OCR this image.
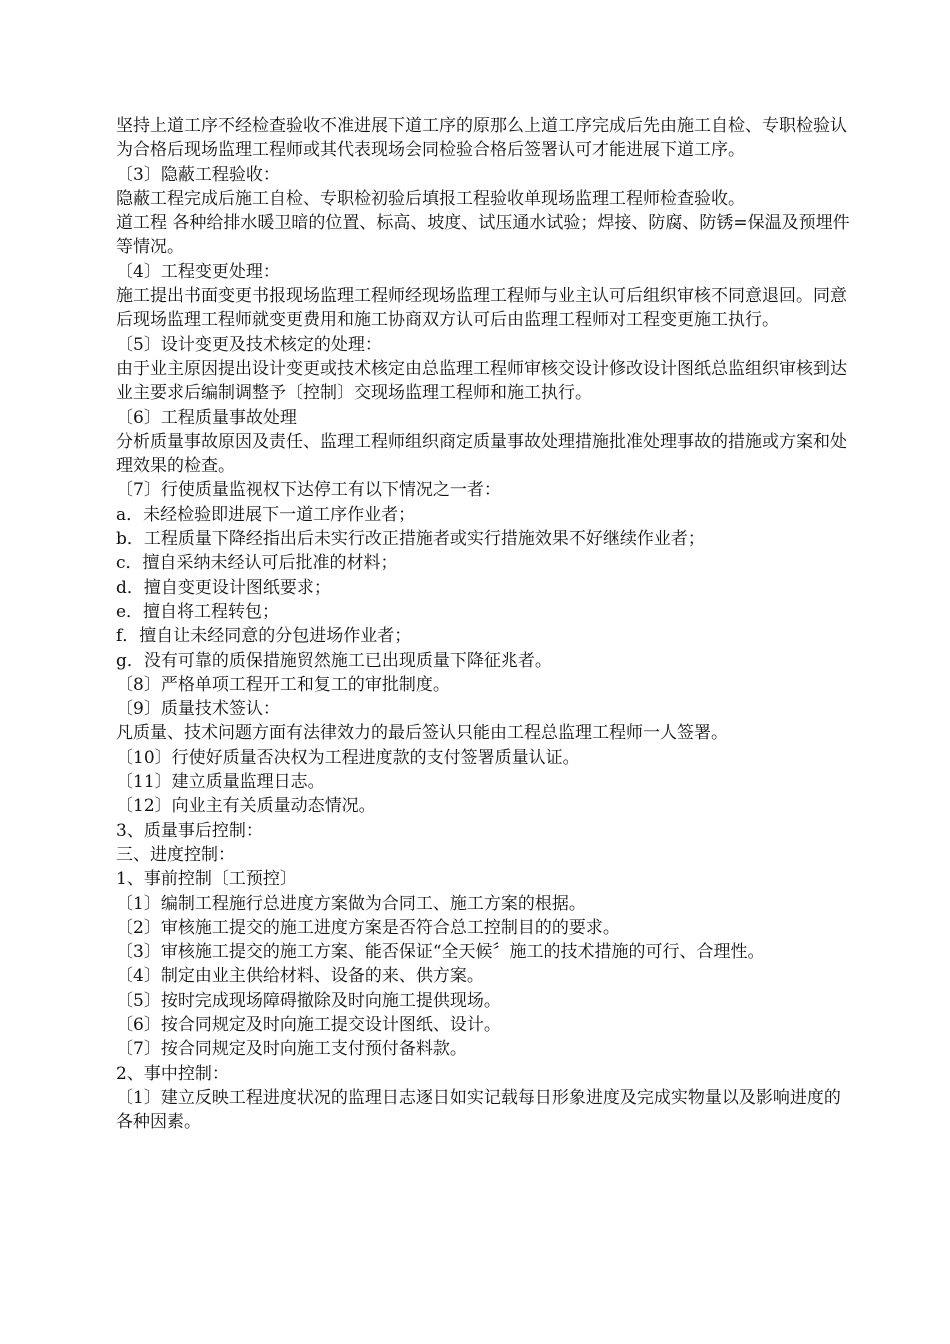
坚持上道工序不经检查验收不准进展下道工序的原那么上道工序完成后先由施工自检、专职检验认为合格后现场监理工程师或其代表现场会同检验合格后签署认可才能进展下道工序。

〔3〕隐蔽工程验收：

隐蔽工程完成后施工自检、专职检初验后填报工程验收单现场监理工程师检查验收。

道工程 各种给排水暖卫暗的位置、标高、坡度、试压通水试验；焊接、防腐、防锈=保温及预埋件等情况。

〔4〕工程变更处理：

施工提出书面变更书报现场监理工程师经现场监理工程师与业主认可后组织审核不同意退回。同意后现场监理工程师就变更费用和施工协商双方认可后由监理工程师对工程变更施工执行。

〔5〕设计变更及技术核定的处理：

由于业主原因提出设计变更或技术核定由总监理工程师审核交设计修改设计图纸总监组织审核到达业主要求后编制调整予〔控制〕交现场监理工程师和施工执行。

〔6〕工程质量事故处理

分析质量事故原因及责任、监理工程师组织商定质量事故处理措施批准处理事故的措施或方案和处理效果的检查。

〔7〕行使质量监视权下达停工有以下情况之一者：

a．未经检验即进展下一道工序作业者；

b．工程质量下降经指出后未实行改正措施者或实行措施效果不好继续作业者；

c．擅自采纳未经认可后批准的材料；

d．擅自变更设计图纸要求；

e．擅自将工程转包；

f．擅自让未经同意的分包进场作业者；

g．没有可靠的质保措施贸然施工已出现质量下降征兆者。

〔8〕严格单项工程开工和复工的审批制度。

〔9〕质量技术签认：

凡质量、技术问题方面有法律效力的最后签认只能由工程总监理工程师一人签署。

〔10〕行使好质量否决权为工程进度款的支付签署质量认证。

〔11〕建立质量监理日志。

〔12〕向业主有关质量动态情况。

3、质量事后控制：

三、进度控制：

1、事前控制〔工预控〕

〔1〕编制工程施行总进度方案做为合同工、施工方案的根据。

〔2〕审核施工提交的施工进度方案是否符合总工控制目的的要求。

〔3〕审核施工提交的施工方案、能否保证“全天候〞施工的技术措施的可行、合理性。

〔4〕制定由业主供给材料、设备的来、供方案。

〔5〕按时完成现场障碍撤除及时向施工提供现场。

〔6〕按合同规定及时向施工提交设计图纸、设计。

〔7〕按合同规定及时向施工支付预付备料款。

2、事中控制：

〔1〕建立反映工程进度状况的监理日志逐日如实记载每日形象进度及完成实物量以及影响进度的各种因素。
